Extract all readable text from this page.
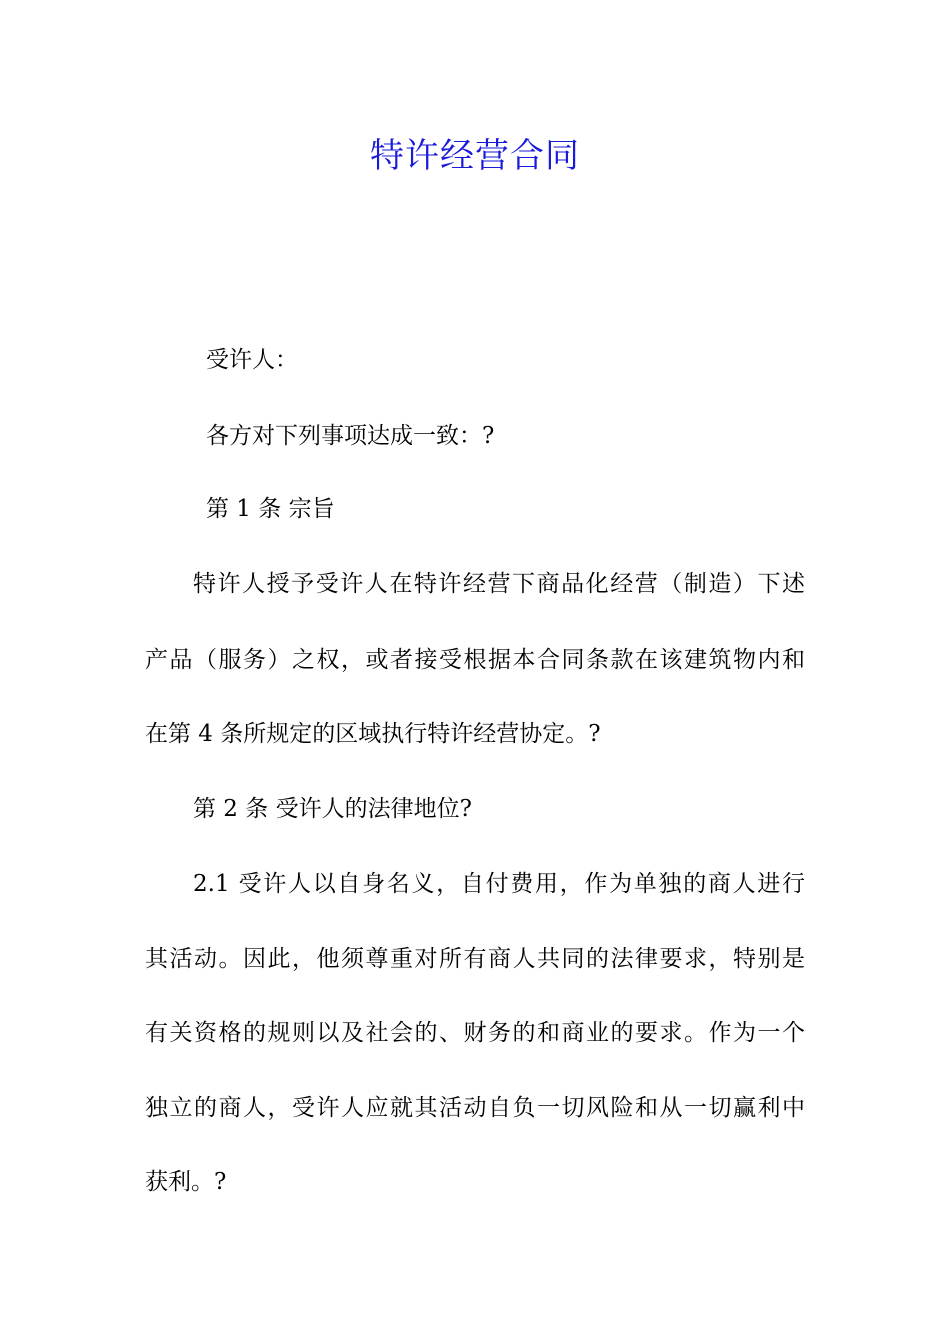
特许经营合同
受许人：
各方对下列事项达成一致：?
第 1 条 宗旨
特许人授予受许人在特许经营下商品化经营（制造）下述
产品（服务）之权，或者接受根据本合同条款在该建筑物内和
在第 4 条所规定的区域执行特许经营协定。?
第 2 条 受许人的法律地位?
2.1 受许人以自身名义，自付费用，作为单独的商人进行
其活动。因此，他须尊重对所有商人共同的法律要求，特别是
有关资格的规则以及社会的、财务的和商业的要求。作为一个
独立的商人，受许人应就其活动自负一切风险和从一切赢利中
获利。?
